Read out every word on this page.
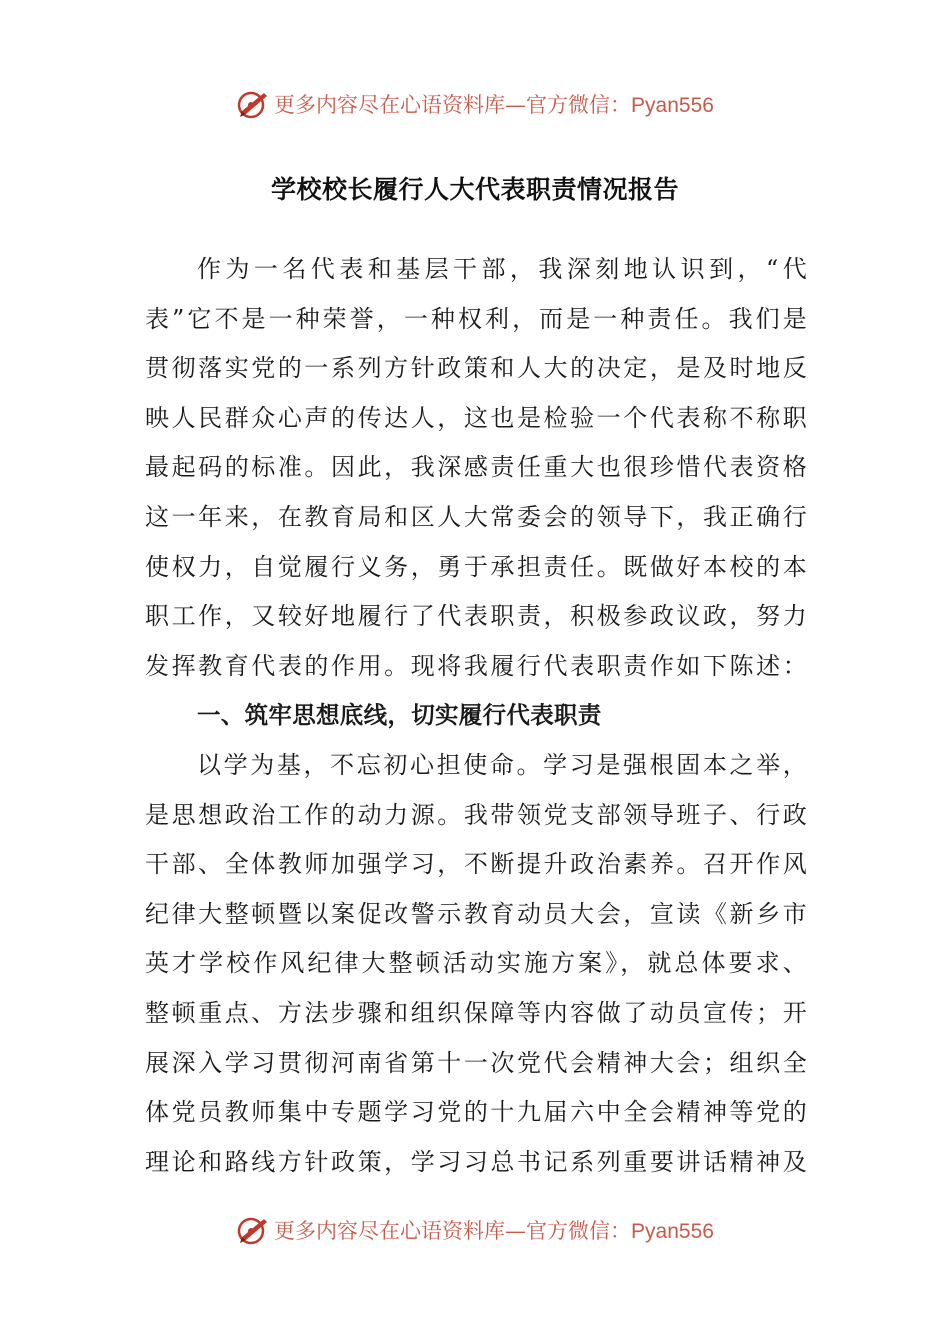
更多内容尽在心语资料库—官方微信：Pyan556
学校校长履行人大代表职责情况报告
作为一名代表和基层干部，我深刻地认识到，“代
表”它不是一种荣誉，一种权利，而是一种责任。我们是
贯彻落实党的一系列方针政策和人大的决定，是及时地反
映人民群众心声的传达人，这也是检验一个代表称不称职
最起码的标准。因此，我深感责任重大也很珍惜代表资格
这一年来，在教育局和区人大常委会的领导下，我正确行
使权力，自觉履行义务，勇于承担责任。既做好本校的本
职工作，又较好地履行了代表职责，积极参政议政，努力
发挥教育代表的作用。现将我履行代表职责作如下陈述：
一、筑牢思想底线，切实履行代表职责
以学为基，不忘初心担使命。学习是强根固本之举，
是思想政治工作的动力源。我带领党支部领导班子、行政
干部、全体教师加强学习，不断提升政治素养。召开作风
纪律大整顿暨以案促改警示教育动员大会，宣读《新乡市
英才学校作风纪律大整顿活动实施方案》，就总体要求、
整顿重点、方法步骤和组织保障等内容做了动员宣传；开
展深入学习贯彻河南省第十一次党代会精神大会；组织全
体党员教师集中专题学习党的十九届六中全会精神等党的
理论和路线方针政策，学习习总书记系列重要讲话精神及
更多内容尽在心语资料库—官方微信：Pyan556
